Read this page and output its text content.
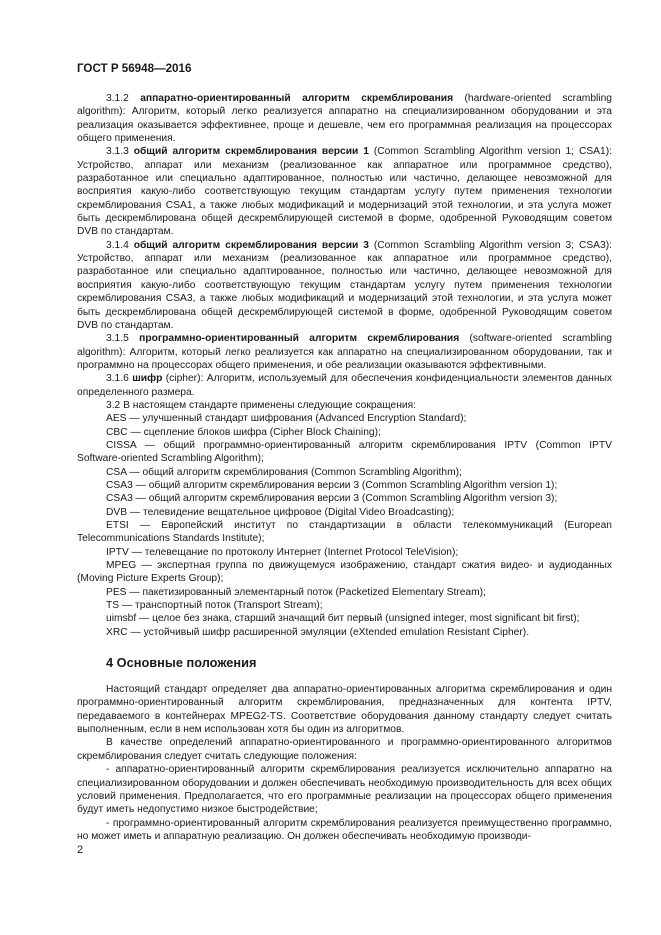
ГОСТ Р 56948—2016

3.1.2 аппаратно-ориентированный алгоритм скремблирования (hardware-oriented scrambling algorithm): Алгоритм, который легко реализуется аппаратно на специализированном оборудовании и эта реализация оказывается эффективнее, проще и дешевле, чем его программная реализация на процессорах общего применения.

3.1.3 общий алгоритм скремблирования версии 1 (Common Scrambling Algorithm version 1; CSA1): Устройство, аппарат или механизм (реализованное как аппаратное или программное средство), разработанное или специально адаптированное, полностью или частично, делающее невозможной для восприятия какую-либо соответствующую текущим стандартам услугу путем применения технологии скремблирования CSA1, а также любых модификаций и модернизаций этой технологии, и эта услуга может быть дескремблирована общей дескремблирующей системой в форме, одобренной Руководящим советом DVB по стандартам.

3.1.4 общий алгоритм скремблирования версии 3 (Common Scrambling Algorithm version 3; CSA3): Устройство, аппарат или механизм (реализованное как аппаратное или программное средство), разработанное или специально адаптированное, полностью или частично, делающее невозможной для восприятия какую-либо соответствующую текущим стандартам услугу путем применения технологии скремблирования CSA3, а также любых модификаций и модернизаций этой технологии, и эта услуга может быть дескремблирована общей дескремблирующей системой в форме, одобренной Руководящим советом DVB по стандартам.

3.1.5 программно-ориентированный алгоритм скремблирования (software-oriented scrambling algorithm): Алгоритм, который легко реализуется как аппаратно на специализированном оборудовании, так и программно на процессорах общего применения, и обе реализации оказываются эффективными.

3.1.6 шифр (cipher): Алгоритм, используемый для обеспечения конфиденциальности элементов данных определенного размера.

3.2 В настоящем стандарте применены следующие сокращения:

AES — улучшенный стандарт шифрования (Advanced Encryption Standard);

CBC — сцепление блоков шифра (Cipher Block Chaining);

CISSA — общий программно-ориентированный алгоритм скремблирования IPTV (Common IPTV Software-oriented Scrambling Algorithm);

CSA — общий алгоритм скремблирования (Common Scrambling Algorithm);

CSA3 — общий алгоритм скремблирования версии 3 (Common Scrambling Algorithm version 1);

CSA3 — общий алгоритм скремблирования версии 3 (Common Scrambling Algorithm version 3);

DVB — телевидение вещательное цифровое (Digital Video Broadcasting);

ETSI — Европейский институт по стандартизации в области телекоммуникаций (European Telecommunications Standards Institute);

IPTV — телевещание по протоколу Интернет (Internet Protocol TeleVision);

MPEG — экспертная группа по движущемуся изображению, стандарт сжатия видео- и аудиоданных (Moving Picture Experts Group);

PES — пакетизированный элементарный поток (Packetized Elementary Stream);

TS — транспортный поток (Transport Stream);

uimsbf — целое без знака, старший значащий бит первый (unsigned integer, most significant bit first);

XRC — устойчивый шифр расширенной эмуляции (eXtended emulation Resistant Cipher).

4 Основные положения

Настоящий стандарт определяет два аппаратно-ориентированных алгоритма скремблирования и один программно-ориентированный алгоритм скремблирования, предназначенных для контента IPTV, передаваемого в контейнерах MPEG2-TS. Соответствие оборудования данному стандарту следует считать выполненным, если в нем использован хотя бы один из алгоритмов.

В качестве определений аппаратно-ориентированного и программно-ориентированного алгоритмов скремблирования следует считать следующие положения:

- аппаратно-ориентированный алгоритм скремблирования реализуется исключительно аппаратно на специализированном оборудовании и должен обеспечивать необходимую производительность для всех общих условий применения. Предполагается, что его программные реализации на процессорах общего применения будут иметь недопустимо низкое быстродействие;

- программно-ориентированный алгоритм скремблирования реализуется преимущественно программно, но может иметь и аппаратную реализацию. Он должен обеспечивать необходимую производи-

2
